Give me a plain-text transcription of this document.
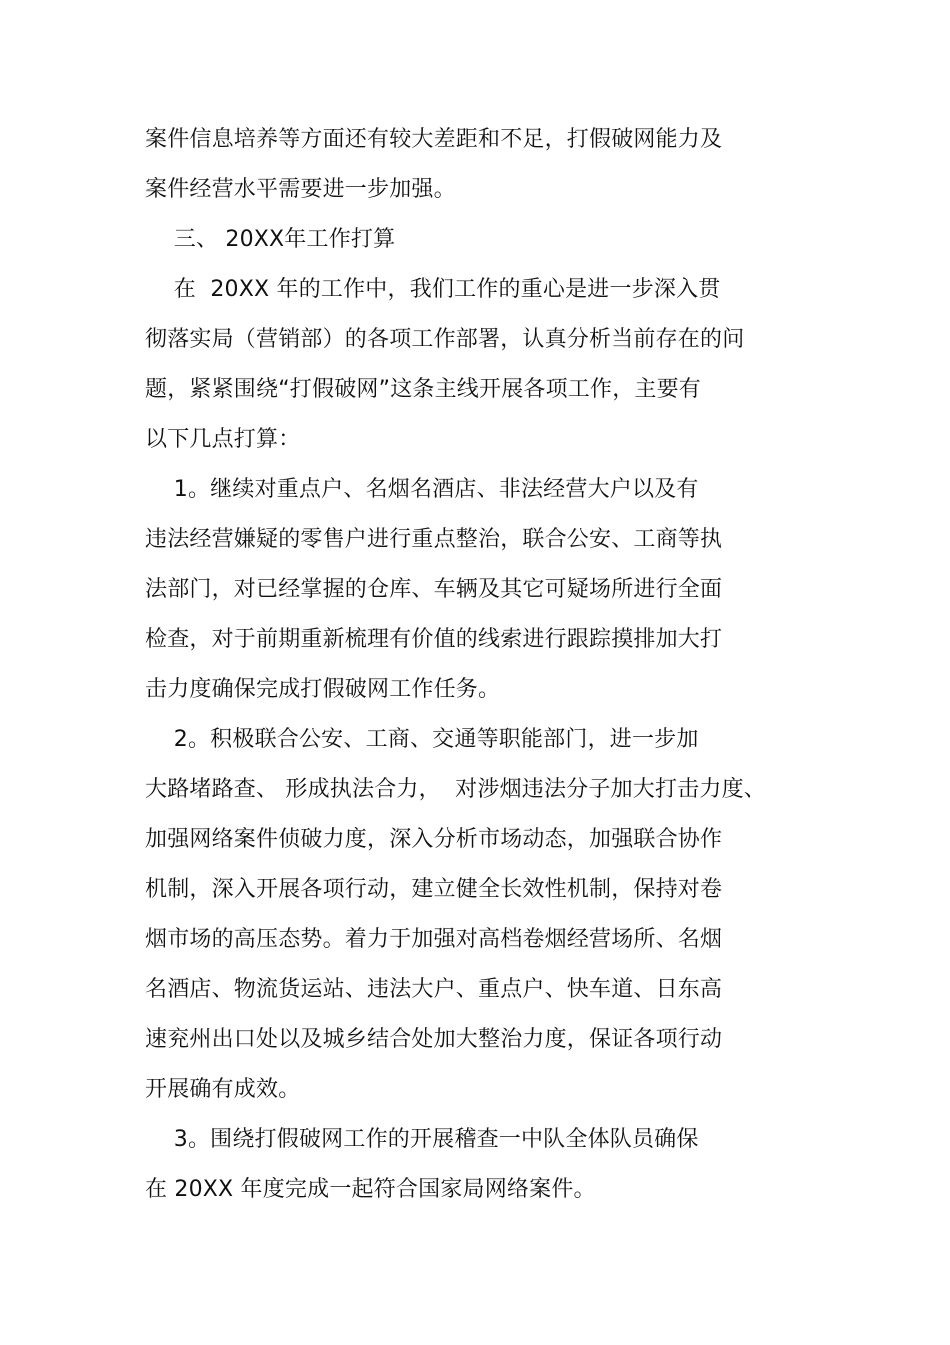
案件信息培养等方面还有较大差距和不足，打假破网能力及
案件经营水平需要进一步加强。
三、 20XX年工作打算
在  20XX 年的工作中，我们工作的重心是进一步深入贯
彻落实局（营销部）的各项工作部署，认真分析当前存在的问
题，紧紧围绕“打假破网”这条主线开展各项工作，主要有
以下几点打算：
1。继续对重点户、名烟名酒店、非法经营大户以及有
违法经营嫌疑的零售户进行重点整治，联合公安、工商等执
法部门，对已经掌握的仓库、车辆及其它可疑场所进行全面
检查，对于前期重新梳理有价值的线索进行跟踪摸排加大打
击力度确保完成打假破网工作任务。
2。积极联合公安、工商、交通等职能部门，进一步加
大路堵路查、 形成执法合力，  对涉烟违法分子加大打击力度、
加强网络案件侦破力度，深入分析市场动态，加强联合协作
机制，深入开展各项行动，建立健全长效性机制，保持对卷
烟市场的高压态势。着力于加强对高档卷烟经营场所、名烟
名酒店、物流货运站、违法大户、重点户、快车道、日东高
速兖州出口处以及城乡结合处加大整治力度，保证各项行动
开展确有成效。
3。围绕打假破网工作的开展稽查一中队全体队员确保
在 20XX 年度完成一起符合国家局网络案件。
